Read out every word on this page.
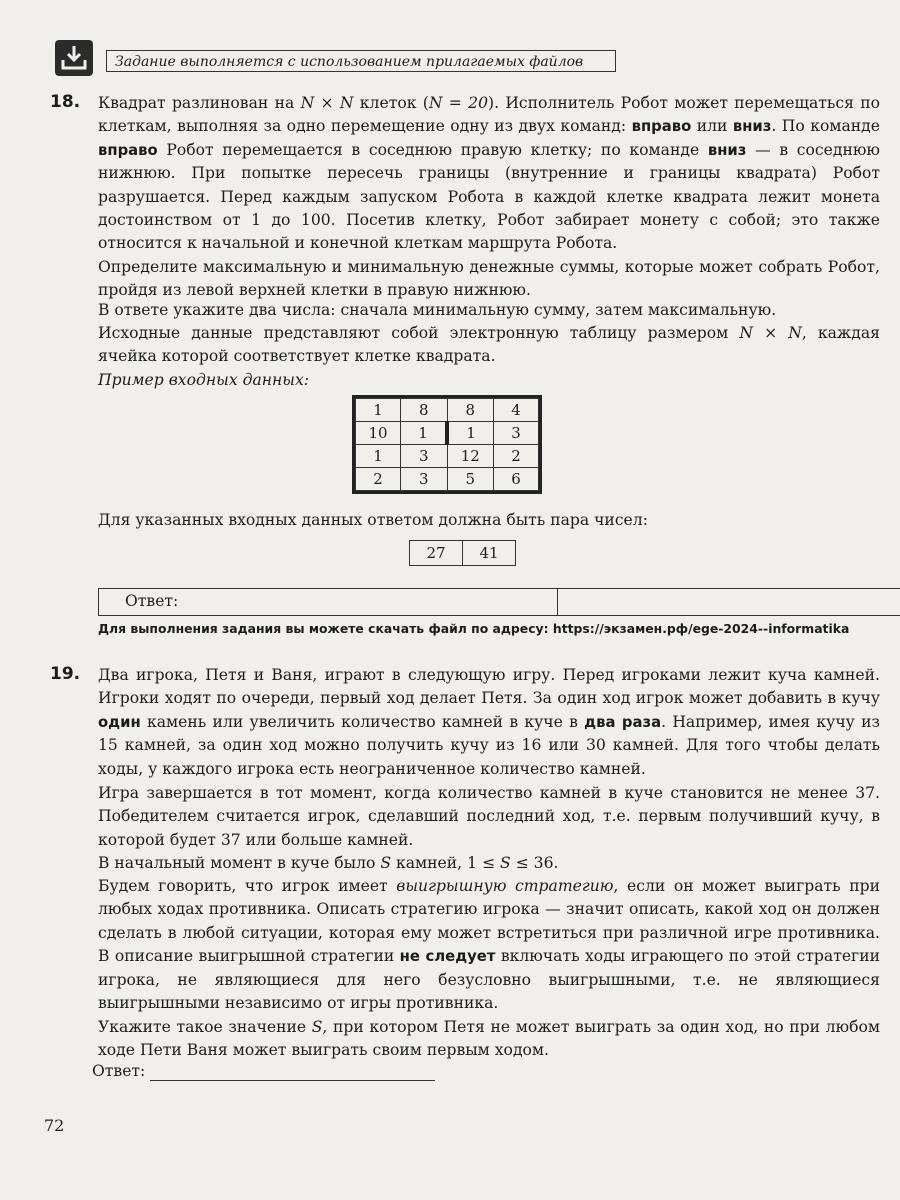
Задание выполняется с использованием прилагаемых файлов
18. Квадрат разлинован на N × N клеток (N = 20). Исполнитель Робот может перемещаться по клеткам, выполняя за одно перемещение одну из двух команд: вправо или вниз. По команде вправо Робот перемещается в соседнюю правую клетку; по команде вниз — в соседнюю нижнюю. При попытке пересечь границы (внутренние и границы квадрата) Робот разрушается. Перед каждым запуском Робота в каждой клетке квадрата лежит монета достоинством от 1 до 100. Посетив клетку, Робот забирает монету с собой; это также относится к начальной и конечной клеткам маршрута Робота.

Определите максимальную и минимальную денежные суммы, которые может собрать Робот, пройдя из левой верхней клетки в правую нижнюю.
В ответе укажите два числа: сначала минимальную сумму, затем максимальную.

Исходные данные представляют собой электронную таблицу размером N × N, каждая ячейка которой соответствует клетке квадрата.

Пример входных данных:
1	8	8	4
10	1	1	3
1	3	12	2
2	3	5	6
Для указанных входных данных ответом должна быть пара чисел:
27	41
Ответ:
Для выполнения задания вы можете скачать файл по адресу: https://экзамен.рф/ege-2024--informatika
19. Два игрока, Петя и Ваня, играют в следующую игру. Перед игроками лежит куча камней. Игроки ходят по очереди, первый ход делает Петя. За один ход игрок может добавить в кучу один камень или увеличить количество камней в куче в два раза. Например, имея кучу из 15 камней, за один ход можно получить кучу из 16 или 30 камней. Для того чтобы делать ходы, у каждого игрока есть неограниченное количество камней.

Игра завершается в тот момент, когда количество камней в куче становится не менее 37. Победителем считается игрок, сделавший последний ход, т.е. первым получивший кучу, в которой будет 37 или больше камней.

В начальный момент в куче было S камней, 1 ≤ S ≤ 36.

Будем говорить, что игрок имеет выигрышную стратегию, если он может выиграть при любых ходах противника. Описать стратегию игрока — значит описать, какой ход он должен сделать в любой ситуации, которая ему может встретиться при различной игре противника. В описание выигрышной стратегии не следует включать ходы играющего по этой стратегии игрока, не являющиеся для него безусловно выигрышными, т.е. не являющиеся выигрышными независимо от игры противника.

Укажите такое значение S, при котором Петя не может выиграть за один ход, но при любом ходе Пети Ваня может выиграть своим первым ходом.

Ответ:
72
